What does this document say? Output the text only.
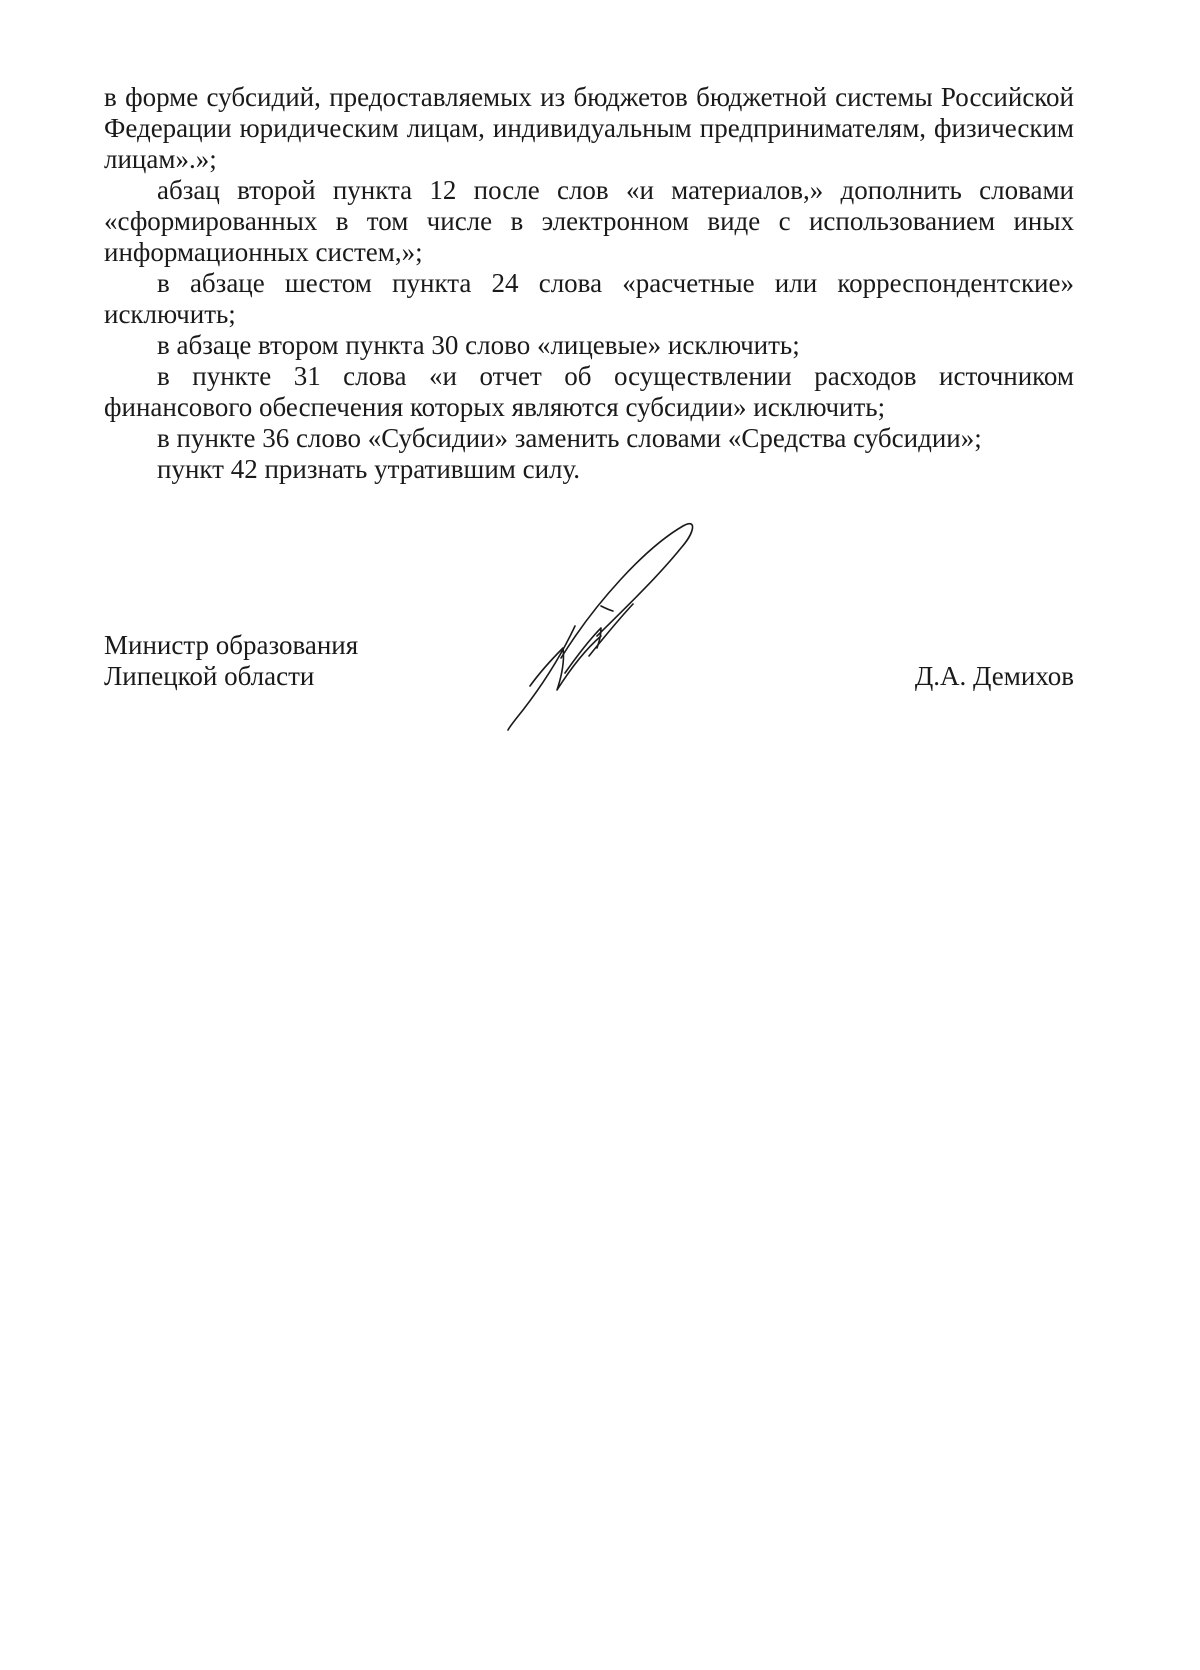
в форме субсидий, предоставляемых из бюджетов бюджетной системы Российской Федерации юридическим лицам, индивидуальным предпринимателям, физическим лицам».»;

абзац второй пункта 12 после слов «и материалов,» дополнить словами «сформированных в том числе в электронном виде с использованием иных информационных систем,»;

в абзаце шестом пункта 24 слова «расчетные или корреспондентские» исключить;

в абзаце втором пункта 30 слово «лицевые» исключить;

в пункте 31 слова «и отчет об осуществлении расходов источником финансового обеспечения которых являются субсидии» исключить;

в пункте 36 слово «Субсидии» заменить словами «Средства субсидии»;

пункт 42 признать утратившим силу.

Министр образования
Липецкой области	Д.А. Демихов
